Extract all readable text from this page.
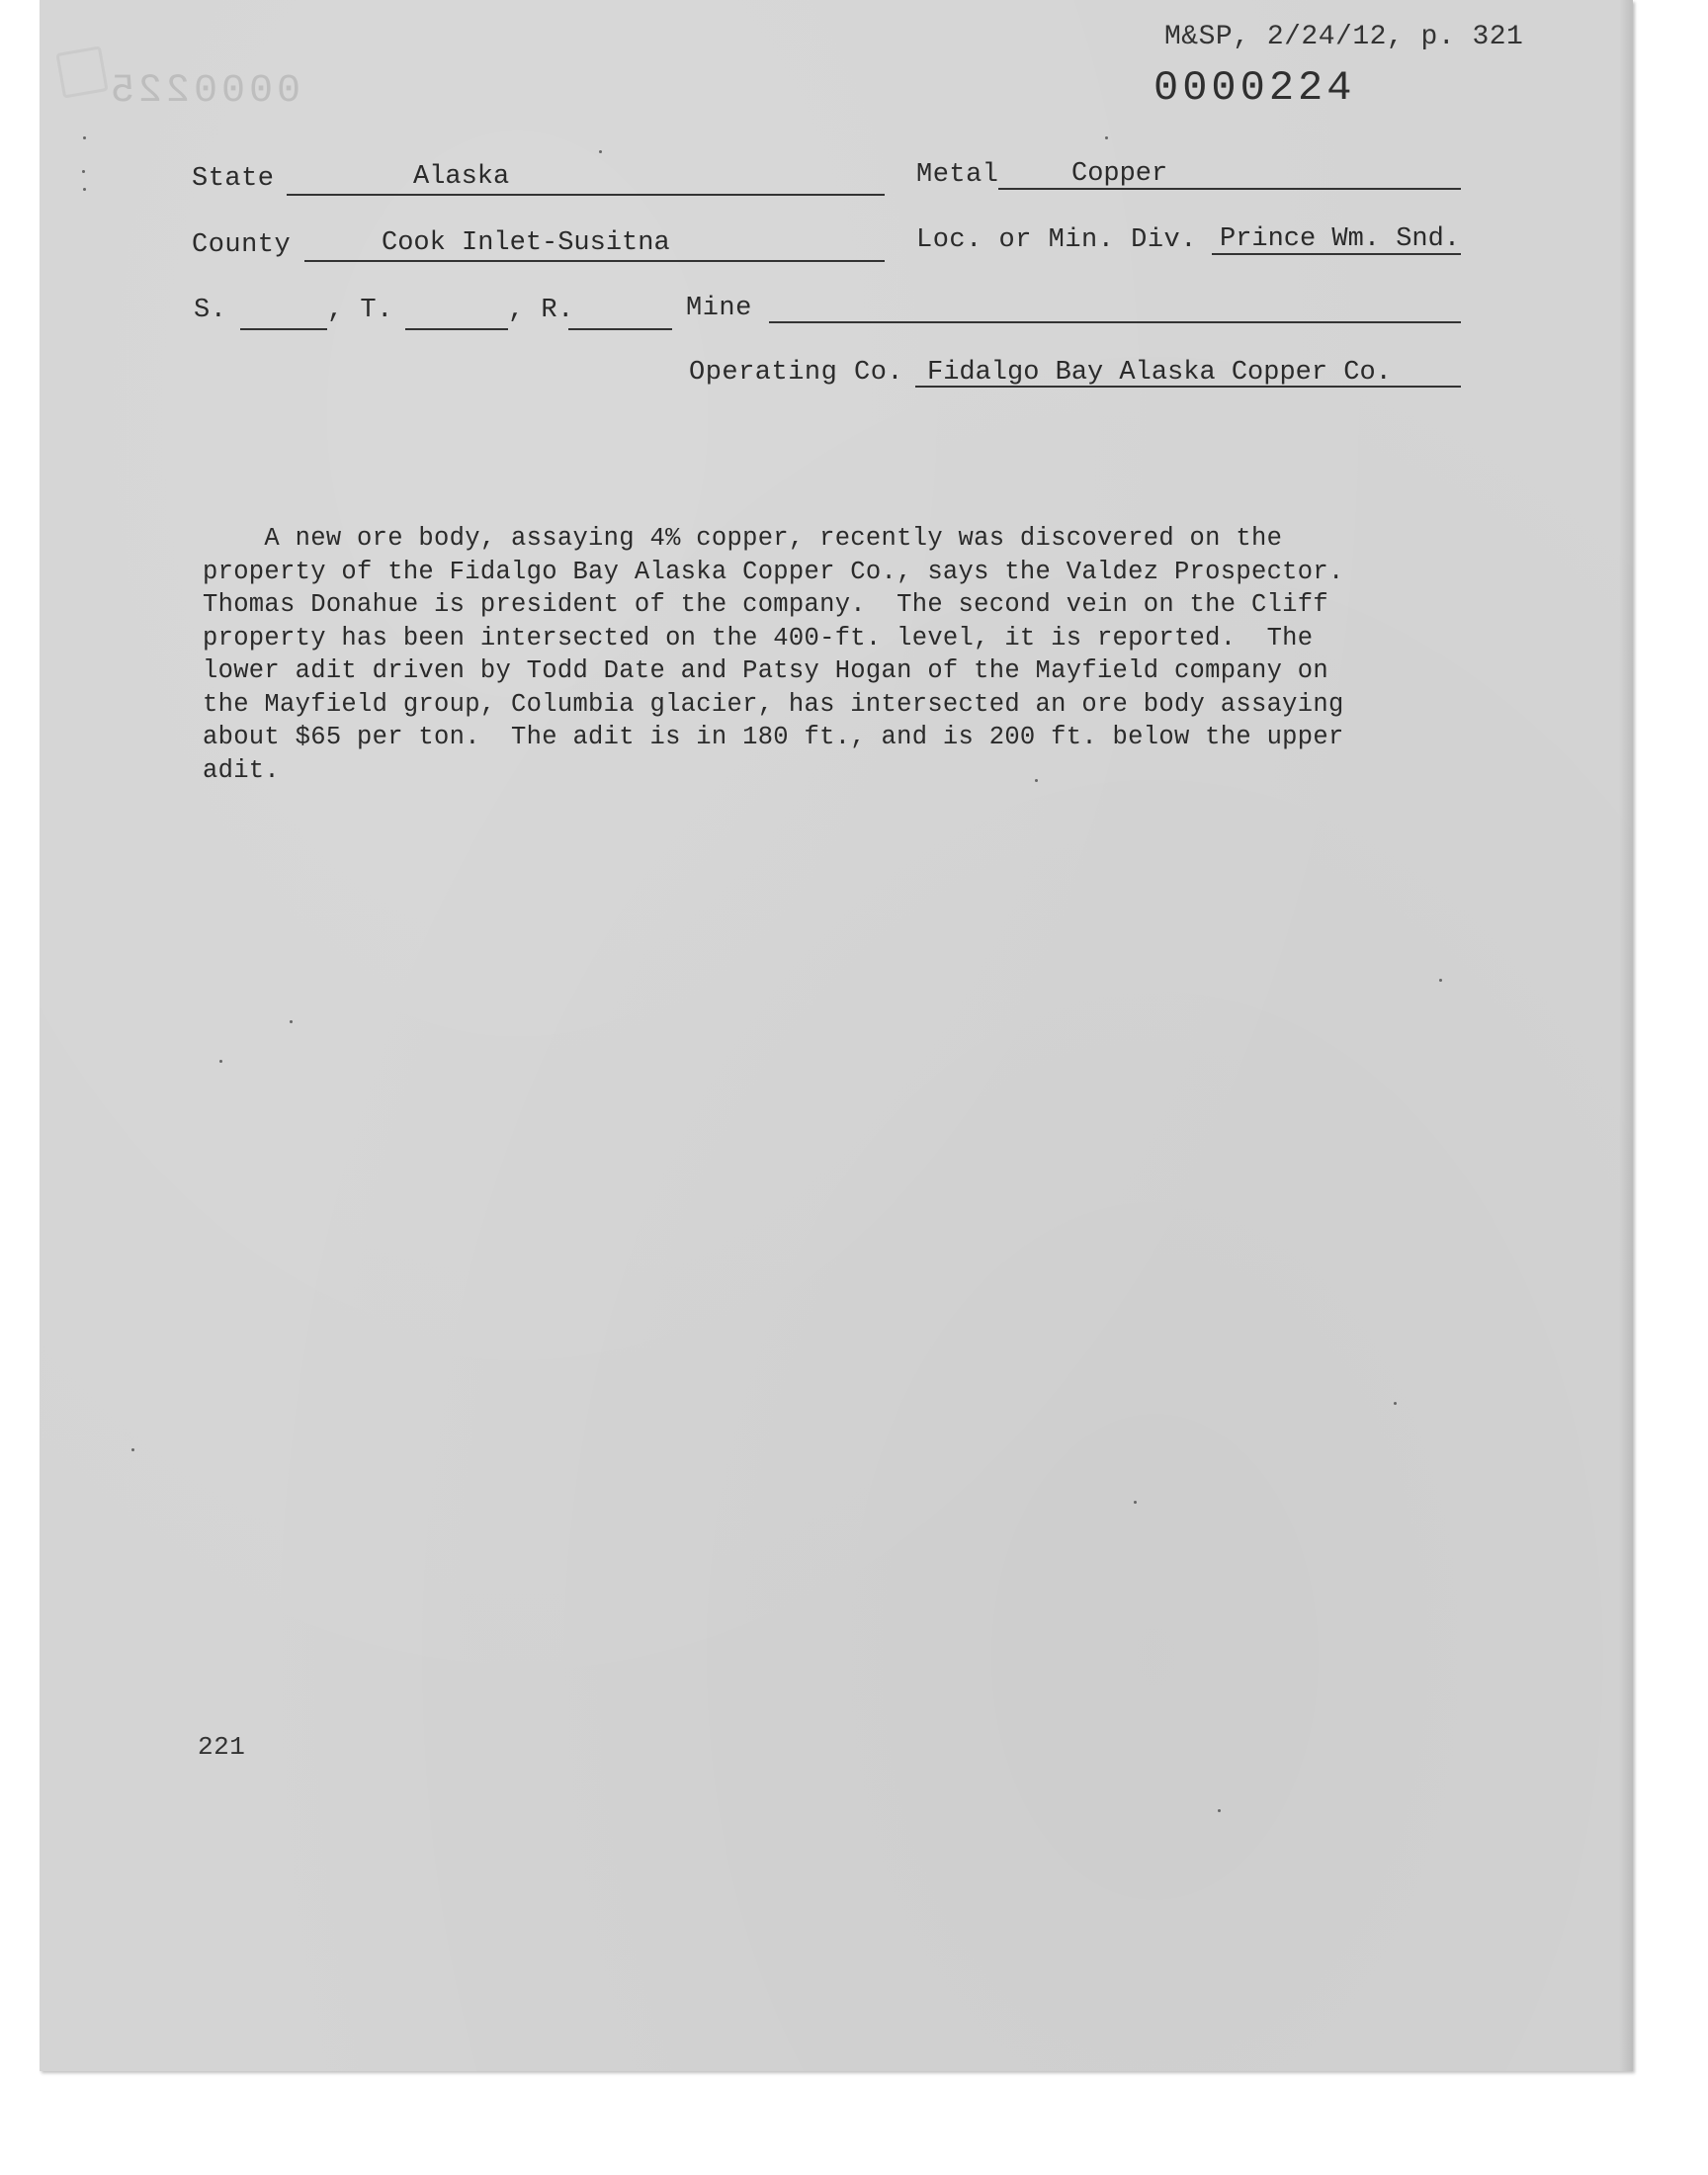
0000225
M&SP, 2/24/12, p. 321
0000224
State	Alaska	Metal	Copper
County	Cook Inlet-Susitna	Loc. or Min. Div. Prince Wm. Snd.
S.	, T.	, R.	Mine
Operating Co. Fidalgo Bay Alaska Copper Co.
A new ore body, assaying 4% copper, recently was discovered on the
property of the Fidalgo Bay Alaska Copper Co., says the Valdez Prospector.
Thomas Donahue is president of the company.  The second vein on the Cliff
property has been intersected on the 400-ft. level, it is reported.  The
lower adit driven by Todd Date and Patsy Hogan of the Mayfield company on
the Mayfield group, Columbia glacier, has intersected an ore body assaying
about $65 per ton.  The adit is in 180 ft., and is 200 ft. below the upper
adit.
221
